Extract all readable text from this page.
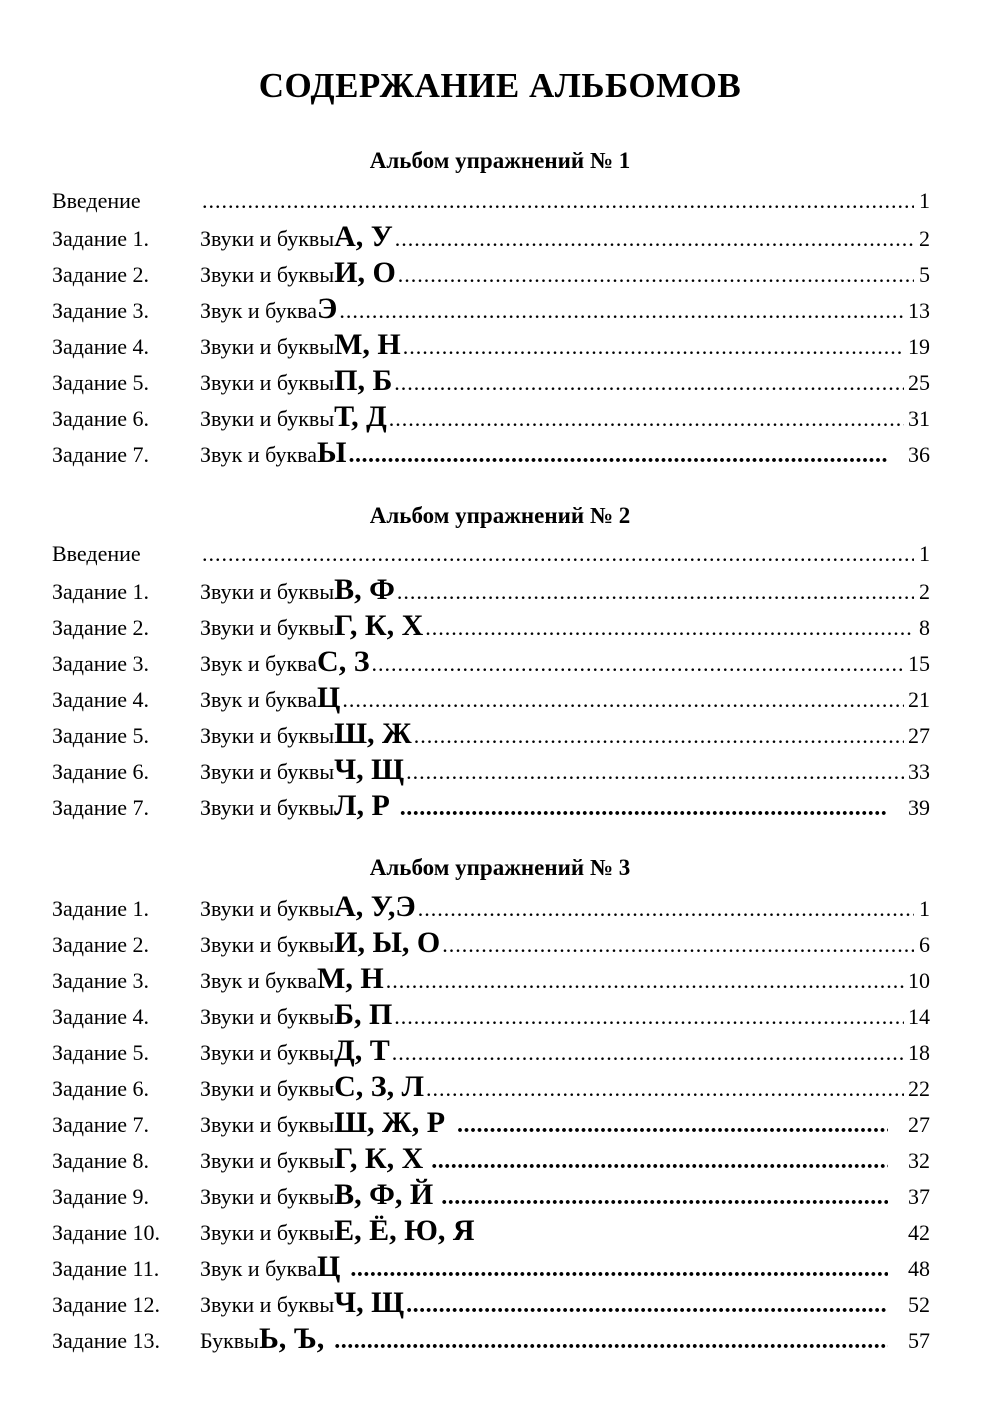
СОДЕРЖАНИЕ АЛЬБОМОВ
Альбом упражнений № 1
Введение .....	1
Задание 1.	Звуки и буквы А, У .....	2
Задание 2.	Звуки и буквы И, О .....	5
Задание 3.	Звук и буква Э .....	13
Задание 4.	Звуки и буквы М, Н .....	19
Задание 5.	Звуки и буквы П, Б .....	25
Задание 6.	Звуки и буквы Т, Д .....	31
Задание 7.	Звук и буква Ы .....	36
Альбом упражнений № 2
Введение .....	1
Задание 1.	Звуки и буквы В, Ф .....	2
Задание 2.	Звуки и буквы Г, К, Х .....	8
Задание 3.	Звук и буква С, З .....	15
Задание 4.	Звук и буква Ц .....	21
Задание 5.	Звуки и буквы Ш, Ж .....	27
Задание 6.	Звуки и буквы Ч, Щ .....	33
Задание 7.	Звуки и буквы Л, Р .....	39
Альбом упражнений № 3
Задание 1.	Звуки и буквы А, У,Э .....	1
Задание 2.	Звуки и буквы И, Ы, О .....	6
Задание 3.	Звук и буква М, Н .....	10
Задание 4.	Звуки и буквы Б, П .....	14
Задание 5.	Звуки и буквы Д, Т .....	18
Задание 6.	Звуки и буквы С, З, Л .....	22
Задание 7.	Звуки и буквы Ш, Ж, Р .....	27
Задание 8.	Звуки и буквы Г, К, Х .....	32
Задание 9.	Звуки и буквы В, Ф, Й .....	37
Задание 10.	Звуки и буквы Е, Ё, Ю, Я	42
Задание 11.	Звук и буква Ц .....	48
Задание 12.	Звуки и буквы Ч, Щ .....	52
Задание 13.	Буквы Ь, Ъ, .....	57
